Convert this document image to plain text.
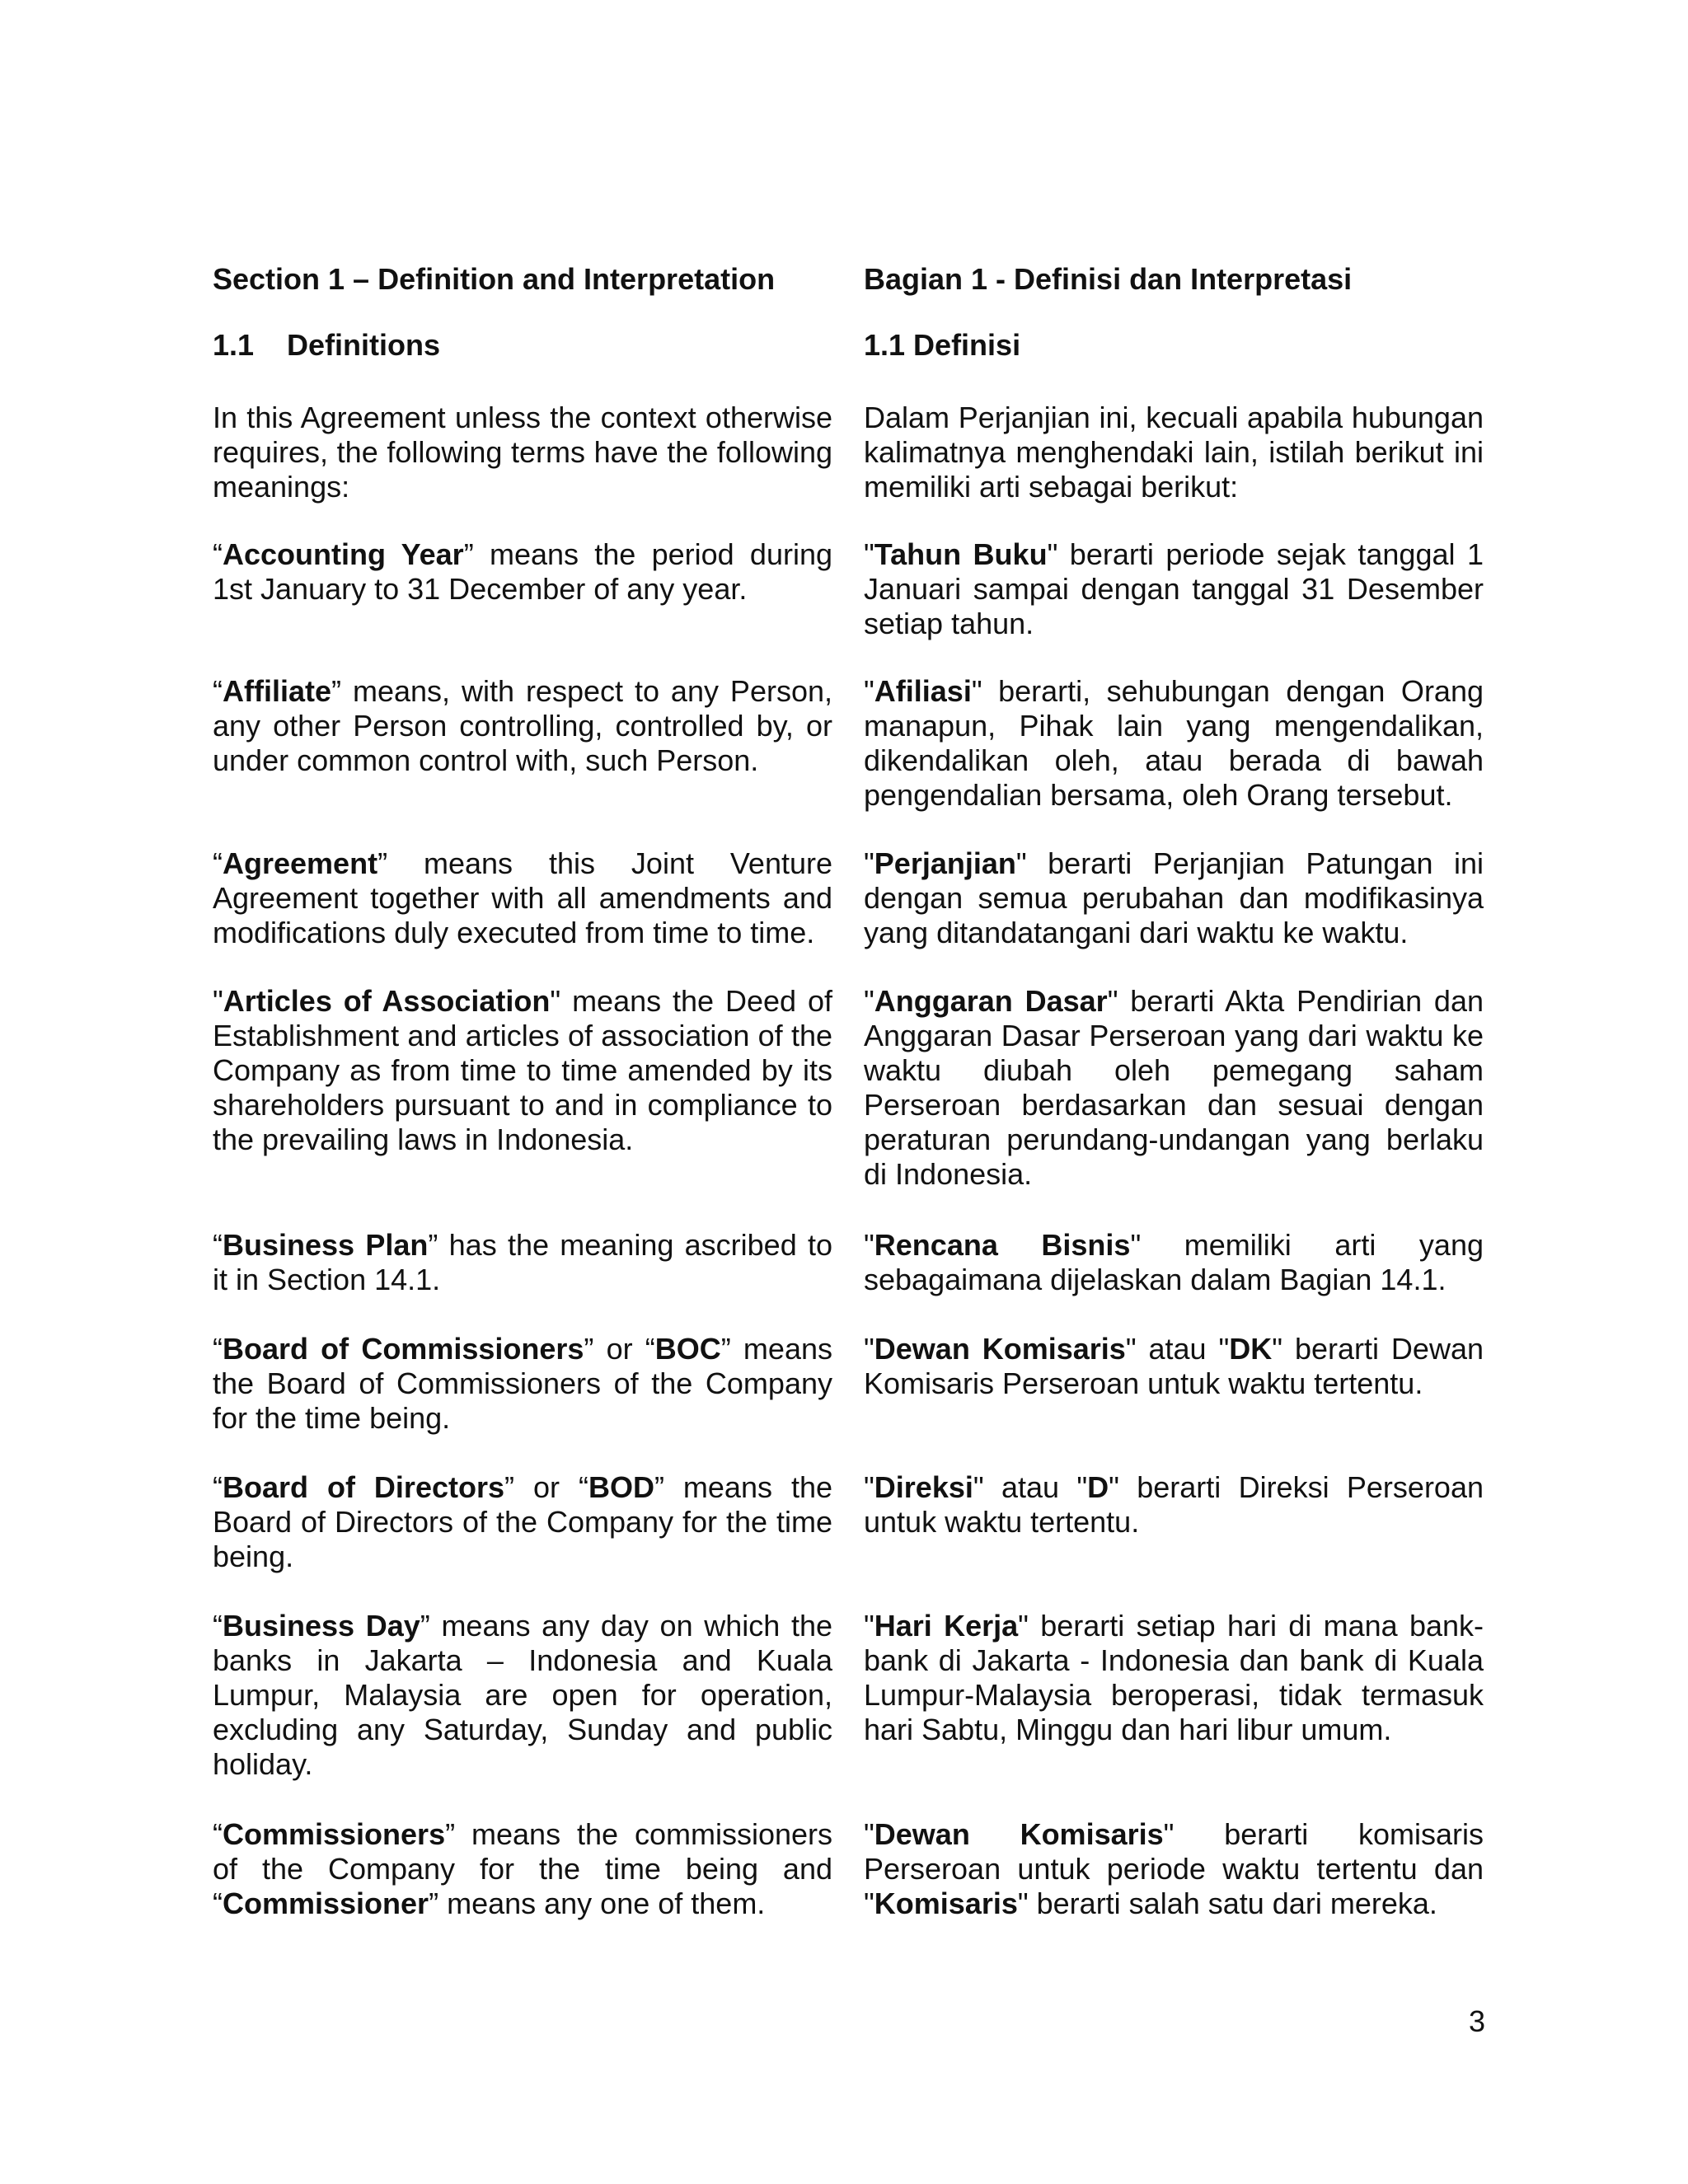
Section 1 – Definition and Interpretation
1.1 Definitions

In this Agreement unless the context otherwise requires, the following terms have the following meanings:

“Accounting Year” means the period during 1st January to 31 December of any year.

“Affiliate” means, with respect to any Person, any other Person controlling, controlled by, or under common control with, such Person.

“Agreement” means this Joint Venture Agreement together with all amendments and modifications duly executed from time to time.

"Articles of Association" means the Deed of Establishment and articles of association of the Company as from time to time amended by its shareholders pursuant to and in compliance to the prevailing laws in Indonesia.

“Business Plan” has the meaning ascribed to it in Section 14.1.

“Board of Commissioners” or “BOC” means the Board of Commissioners of the Company for the time being.

“Board of Directors” or “BOD” means the Board of Directors of the Company for the time being.

“Business Day” means any day on which the banks in Jakarta – Indonesia and Kuala Lumpur, Malaysia are open for operation, excluding any Saturday, Sunday and public holiday.

“Commissioners” means the commissioners of the Company for the time being and “Commissioner” means any one of them.

Bagian 1 - Definisi dan Interpretasi
1.1 Definisi

Dalam Perjanjian ini, kecuali apabila hubungan kalimatnya menghendaki lain, istilah berikut ini memiliki arti sebagai berikut:

"Tahun Buku" berarti periode sejak tanggal 1 Januari sampai dengan tanggal 31 Desember setiap tahun.

"Afiliasi" berarti, sehubungan dengan Orang manapun, Pihak lain yang mengendalikan, dikendalikan oleh, atau berada di bawah pengendalian bersama, oleh Orang tersebut.

"Perjanjian" berarti Perjanjian Patungan ini dengan semua perubahan dan modifikasinya yang ditandatangani dari waktu ke waktu.

"Anggaran Dasar" berarti Akta Pendirian dan Anggaran Dasar Perseroan yang dari waktu ke waktu diubah oleh pemegang saham Perseroan berdasarkan dan sesuai dengan peraturan perundang-undangan yang berlaku di Indonesia.

"Rencana Bisnis" memiliki arti yang sebagaimana dijelaskan dalam Bagian 14.1.

"Dewan Komisaris" atau "DK" berarti Dewan Komisaris Perseroan untuk waktu tertentu.

"Direksi" atau "D" berarti Direksi Perseroan untuk waktu tertentu.

"Hari Kerja" berarti setiap hari di mana bank-bank di Jakarta - Indonesia dan bank di Kuala Lumpur-Malaysia beroperasi, tidak termasuk hari Sabtu, Minggu dan hari libur umum.

"Dewan Komisaris" berarti komisaris Perseroan untuk periode waktu tertentu dan "Komisaris" berarti salah satu dari mereka.

3
